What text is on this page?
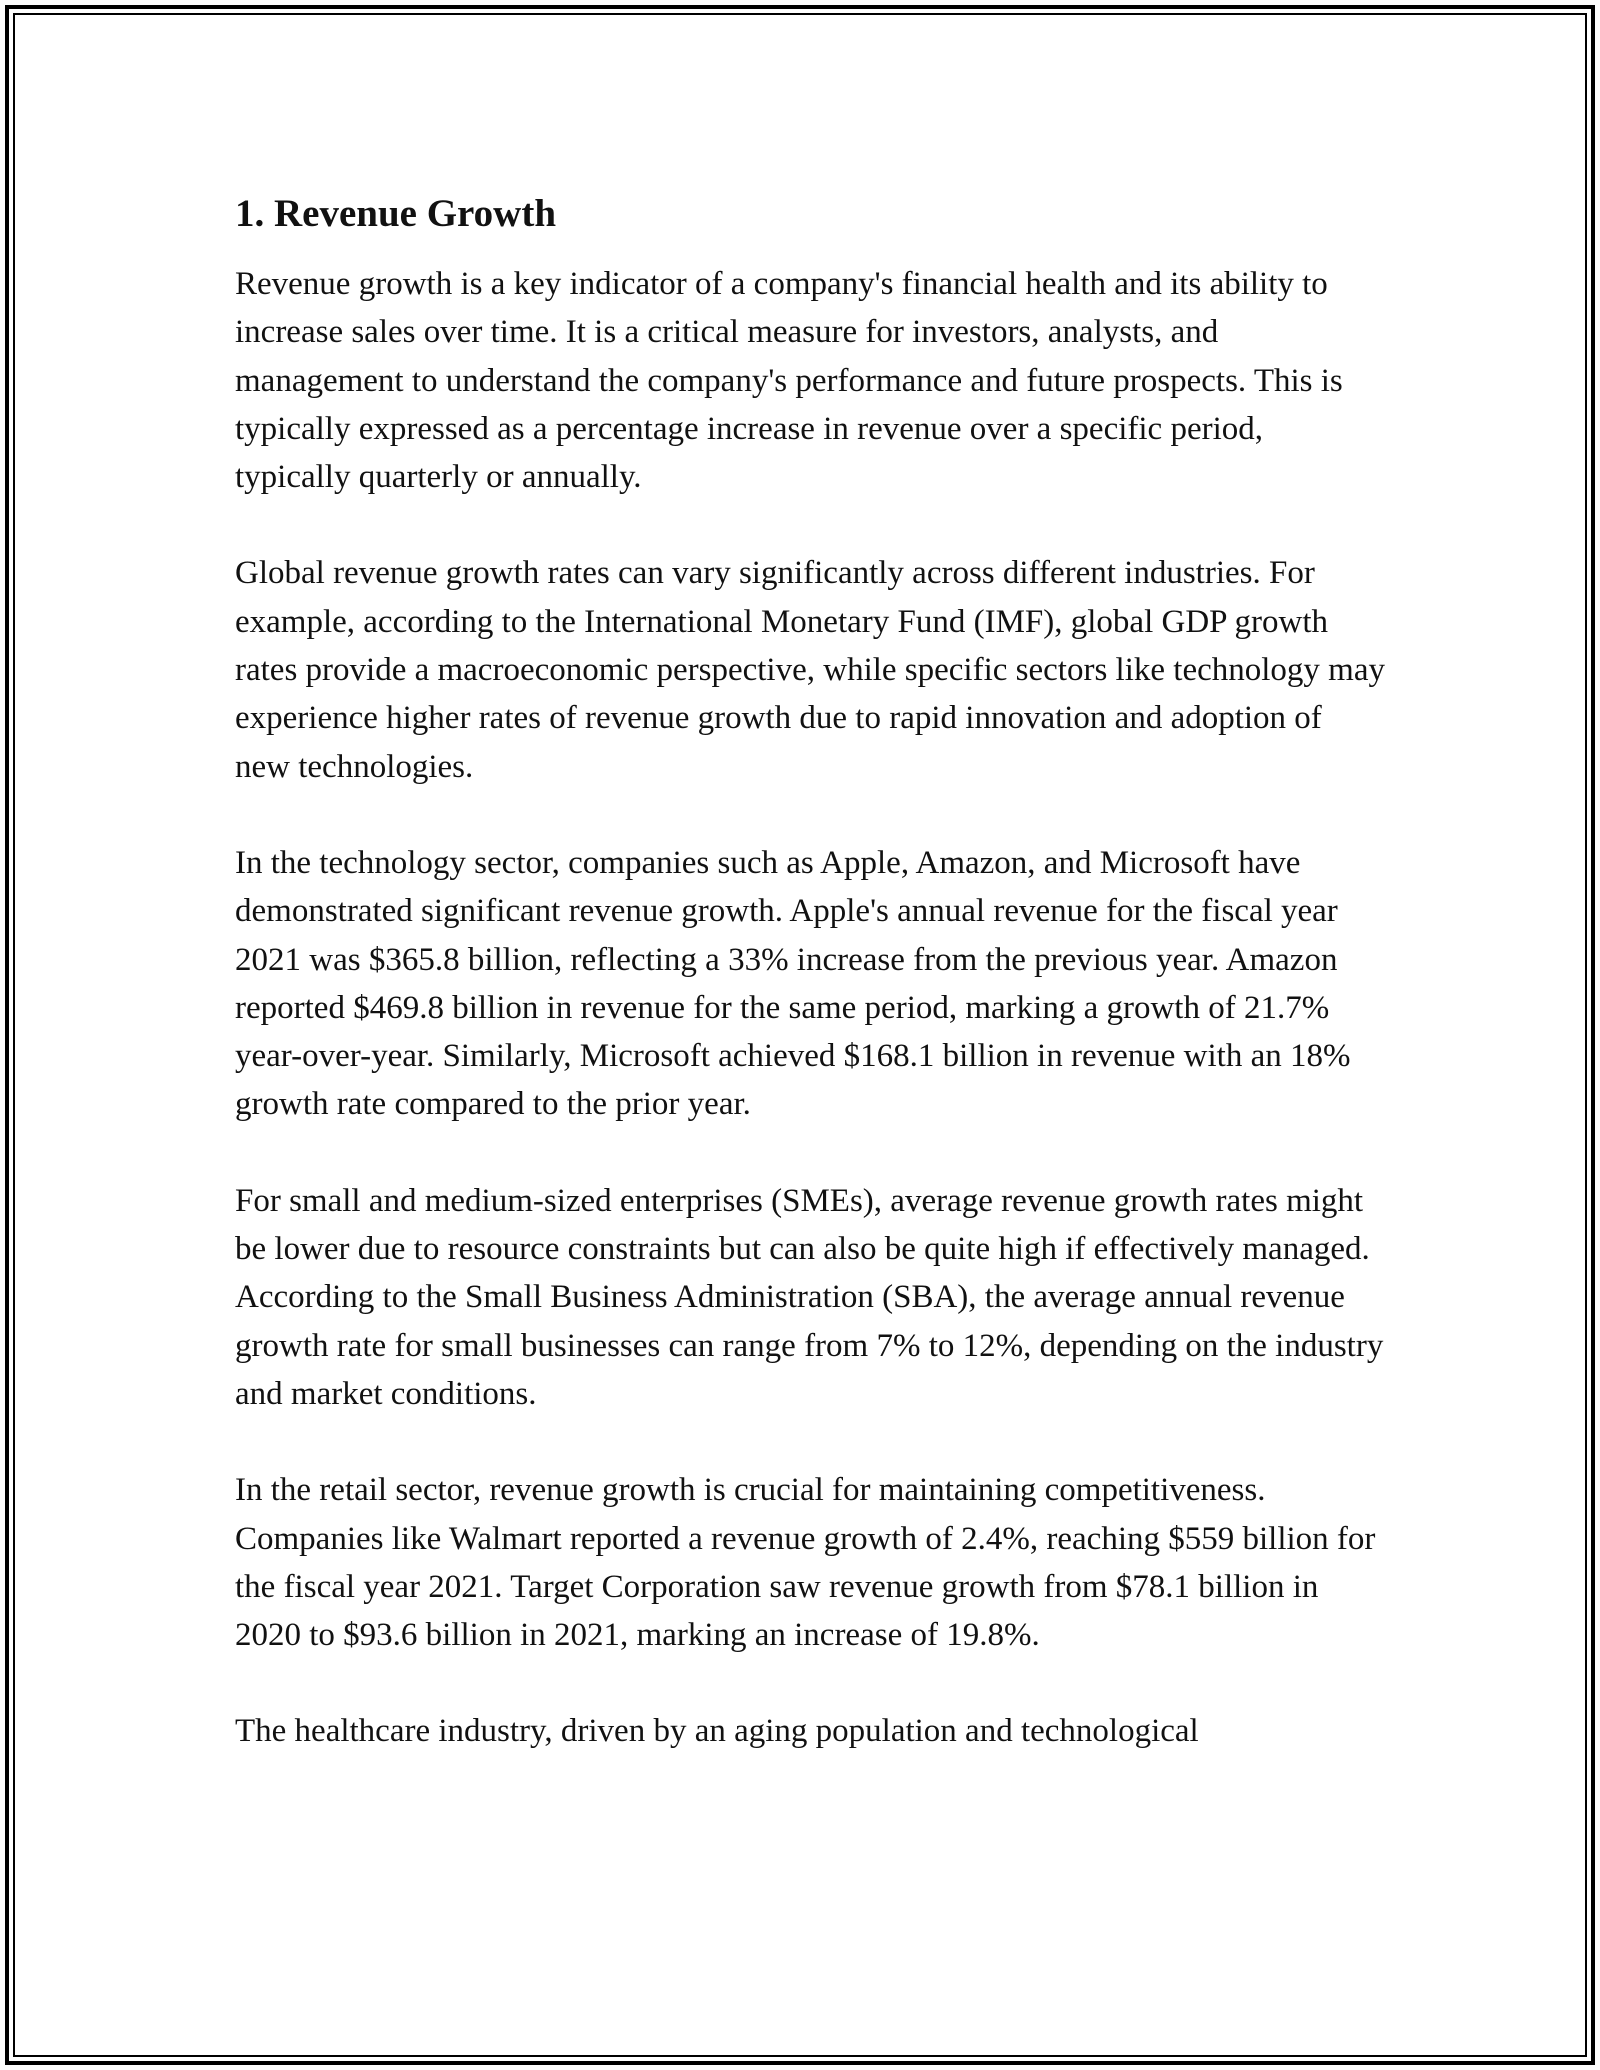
1. Revenue Growth

Revenue growth is a key indicator of a company's financial health and its ability to increase sales over time. It is a critical measure for investors, analysts, and management to understand the company's performance and future prospects. This is typically expressed as a percentage increase in revenue over a specific period, typically quarterly or annually.

Global revenue growth rates can vary significantly across different industries. For example, according to the International Monetary Fund (IMF), global GDP growth rates provide a macroeconomic perspective, while specific sectors like technology may experience higher rates of revenue growth due to rapid innovation and adoption of new technologies.

In the technology sector, companies such as Apple, Amazon, and Microsoft have demonstrated significant revenue growth. Apple's annual revenue for the fiscal year 2021 was $365.8 billion, reflecting a 33% increase from the previous year. Amazon reported $469.8 billion in revenue for the same period, marking a growth of 21.7% year-over-year. Similarly, Microsoft achieved $168.1 billion in revenue with an 18% growth rate compared to the prior year.

For small and medium-sized enterprises (SMEs), average revenue growth rates might be lower due to resource constraints but can also be quite high if effectively managed. According to the Small Business Administration (SBA), the average annual revenue growth rate for small businesses can range from 7% to 12%, depending on the industry and market conditions.

In the retail sector, revenue growth is crucial for maintaining competitiveness. Companies like Walmart reported a revenue growth of 2.4%, reaching $559 billion for the fiscal year 2021. Target Corporation saw revenue growth from $78.1 billion in 2020 to $93.6 billion in 2021, marking an increase of 19.8%.

The healthcare industry, driven by an aging population and technological
